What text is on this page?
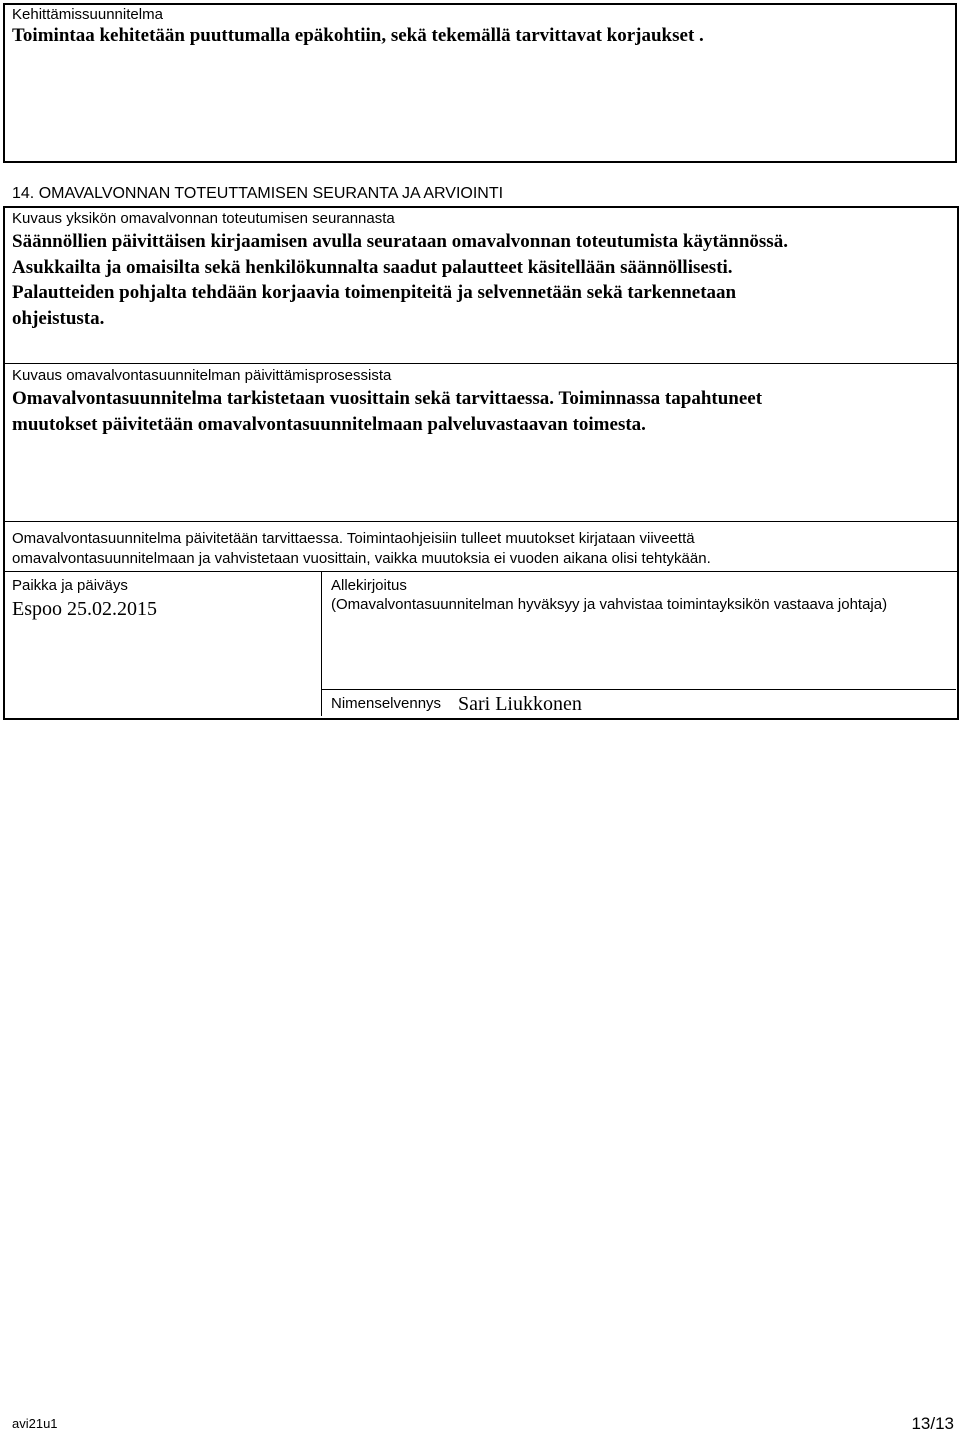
Kehittämissuunnitelma

Toimintaa kehitetään puuttumalla epäkohtiin, sekä tekemällä tarvittavat korjaukset .

14. OMAVALVONNAN TOTEUTTAMISEN SEURANTA JA ARVIOINTI

Kuvaus yksikön omavalvonnan toteutumisen seurannasta

Säännöllien päivittäisen kirjaamisen avulla seurataan omavalvonnan toteutumista käytännössä.

Asukkailta ja omaisilta sekä henkilökunnalta saadut palautteet käsitellään säännöllisesti.

Palautteiden pohjalta tehdään korjaavia toimenpiteitä ja selvennetään sekä tarkennetaan

ohjeistusta.

Kuvaus omavalvontasuunnitelman päivittämisprosessista

Omavalvontasuunnitelma tarkistetaan vuosittain sekä tarvittaessa. Toiminnassa tapahtuneet

muutokset päivitetään omavalvontasuunnitelmaan palveluvastaavan toimesta.

Omavalvontasuunnitelma päivitetään tarvittaessa. Toimintaohjeisiin tulleet muutokset kirjataan viiveettä

omavalvontasuunnitelmaan ja vahvistetaan vuosittain, vaikka muutoksia ei vuoden aikana olisi tehtykään.

Paikka ja päiväys

Espoo 25.02.2015

Allekirjoitus

(Omavalvontasuunnitelman hyväksyy ja vahvistaa toimintayksikön vastaava johtaja)

Nimenselvennys Sari Liukkonen

avi21u1	13/13
